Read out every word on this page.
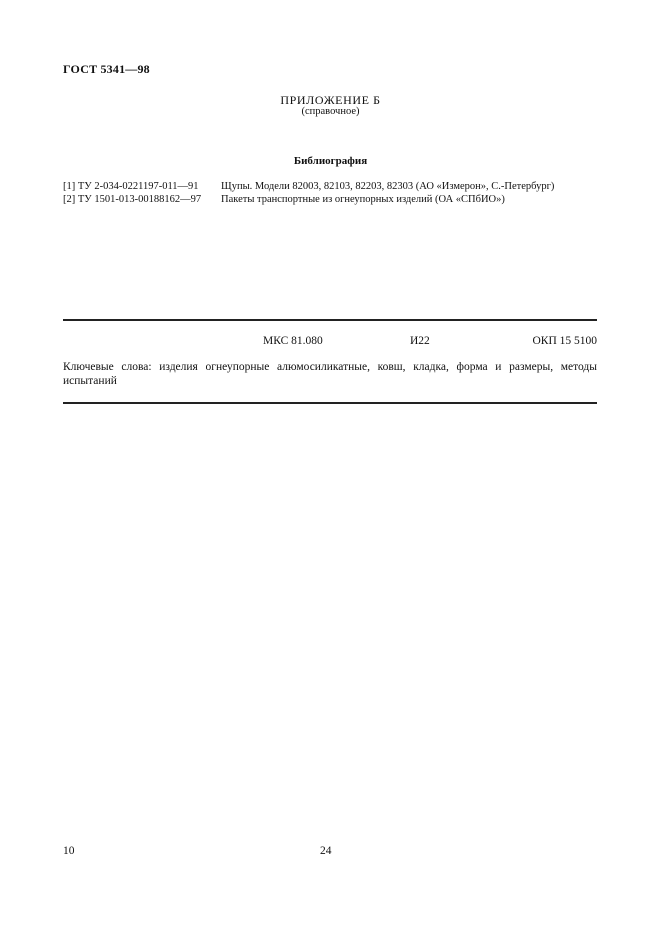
ГОСТ 5341—98
ПРИЛОЖЕНИЕ Б
(справочное)
Библиография
[1] ТУ 2-034-0221197-011—91	Щупы. Модели 82003, 82103, 82203, 82303 (АО «Измерон», С.-Петербург)
[2] ТУ 1501-013-00188162—97	Пакеты транспортные из огнеупорных изделий (ОА «СПбИО»)
МКС 81.080	И22	ОКП 15 5100
Ключевые слова: изделия огнеупорные алюмосиликатные, ковш, кладка, форма и размеры, методы испытаний
10	24
